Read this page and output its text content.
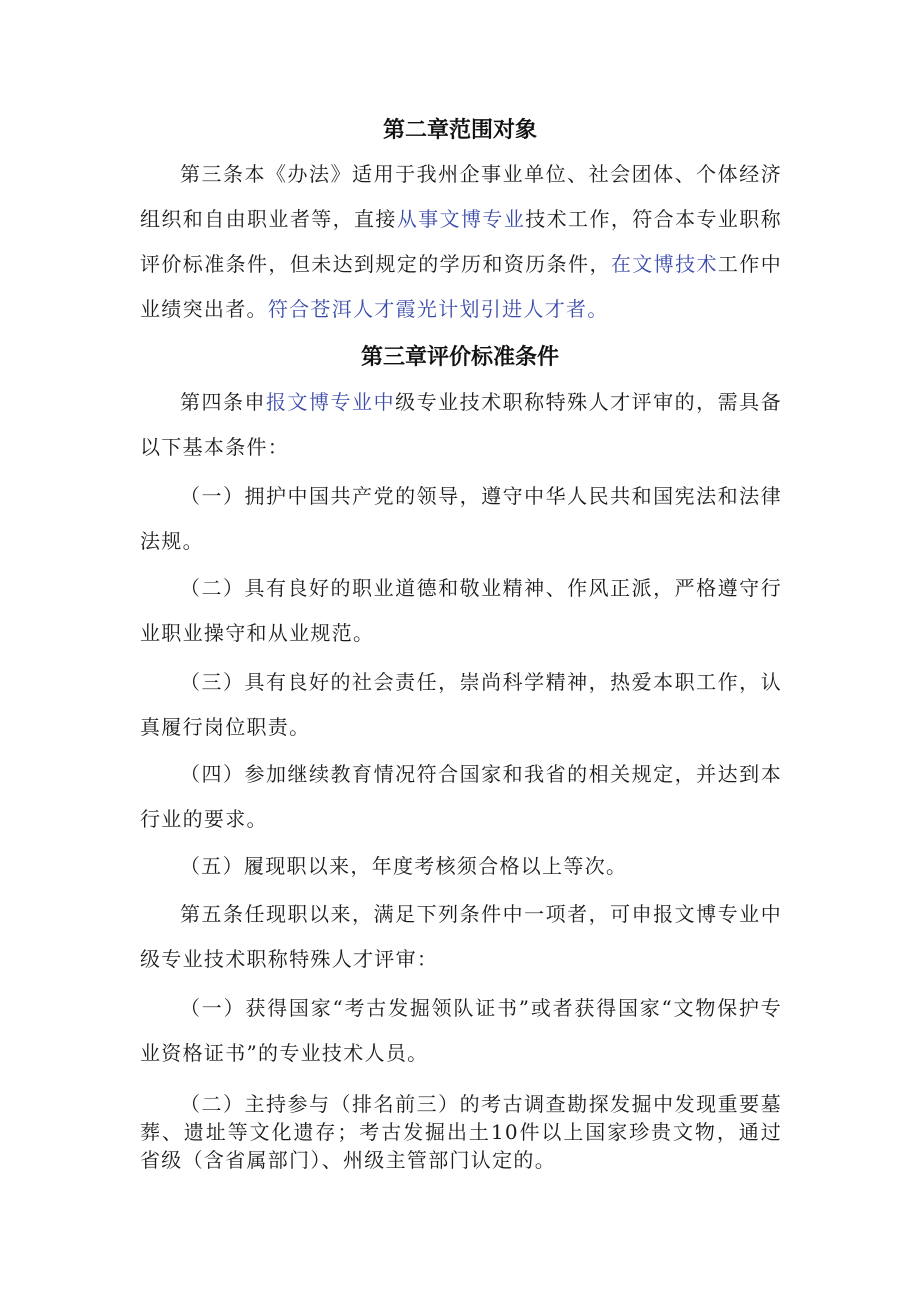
第二章范围对象

第三条本《办法》适用于我州企事业单位、社会团体、个体经济组织和自由职业者等，直接从事文博专业技术工作，符合本专业职称评价标准条件，但未达到规定的学历和资历条件，在文博技术工作中业绩突出者。符合苍洱人才霞光计划引进人才者。

第三章评价标准条件

第四条申报文博专业中级专业技术职称特殊人才评审的，需具备以下基本条件：

（一）拥护中国共产党的领导，遵守中华人民共和国宪法和法律法规。

（二）具有良好的职业道德和敬业精神、作风正派，严格遵守行业职业操守和从业规范。

（三）具有良好的社会责任，崇尚科学精神，热爱本职工作，认真履行岗位职责。

（四）参加继续教育情况符合国家和我省的相关规定，并达到本行业的要求。

（五）履现职以来，年度考核须合格以上等次。

第五条任现职以来，满足下列条件中一项者，可申报文博专业中级专业技术职称特殊人才评审：

（一）获得国家“考古发掘领队证书”或者获得国家“文物保护专业资格证书”的专业技术人员。

（二）主持参与（排名前三）的考古调查勘探发掘中发现重要墓葬、遗址等文化遗存；考古发掘出土10件以上国家珍贵文物，通过省级（含省属部门）、州级主管部门认定的。
